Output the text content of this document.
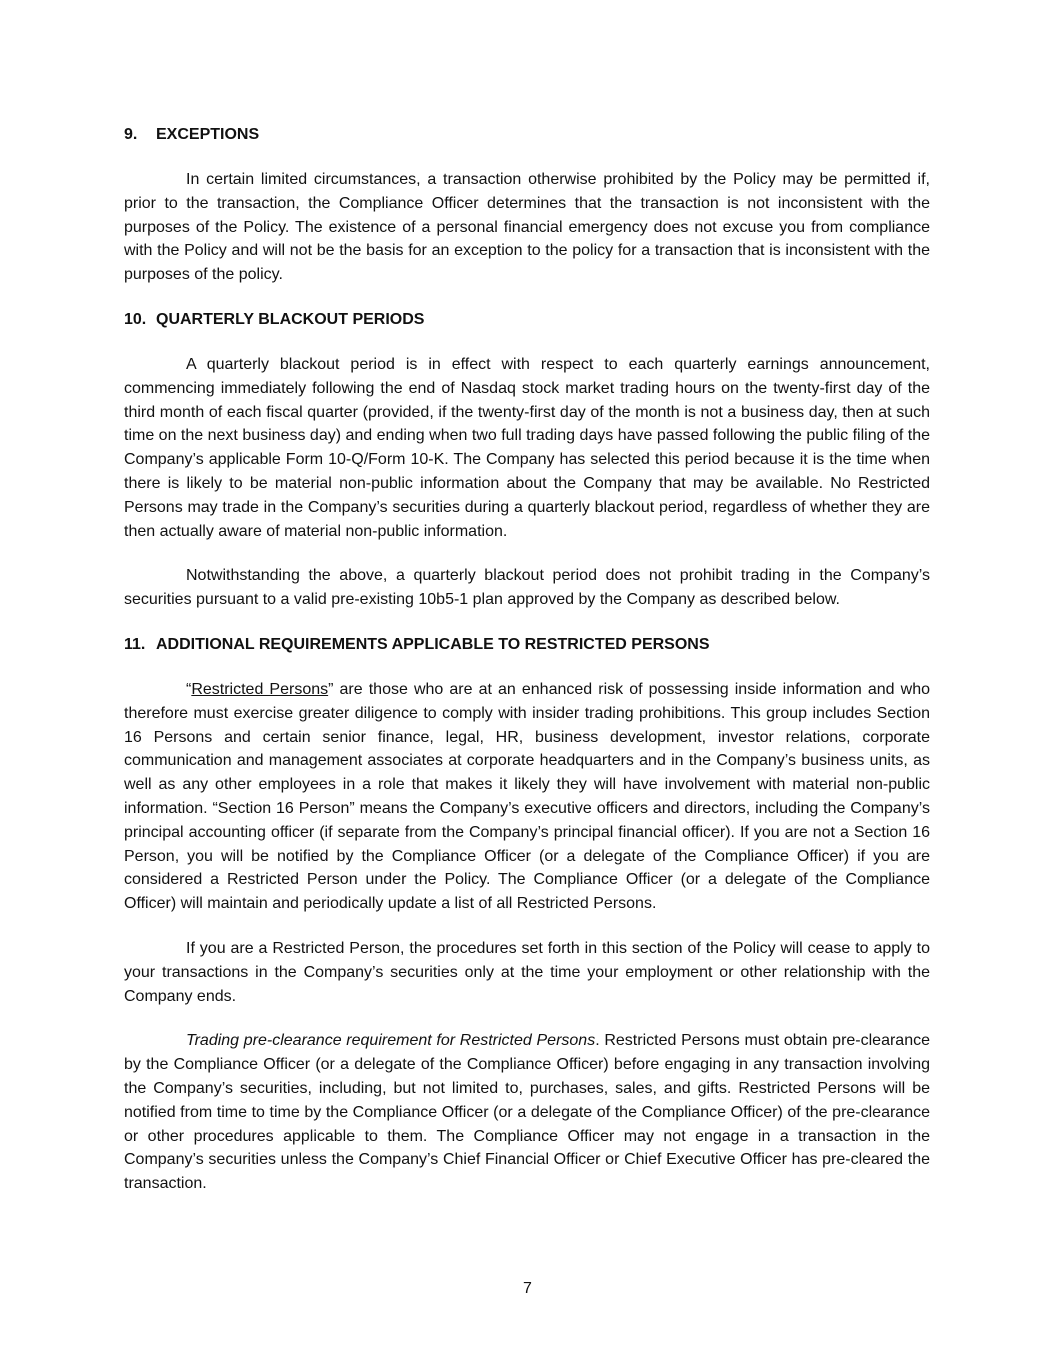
9. EXCEPTIONS

In certain limited circumstances, a transaction otherwise prohibited by the Policy may be permitted if, prior to the transaction, the Compliance Officer determines that the transaction is not inconsistent with the purposes of the Policy. The existence of a personal financial emergency does not excuse you from compliance with the Policy and will not be the basis for an exception to the policy for a transaction that is inconsistent with the purposes of the policy.

10. QUARTERLY BLACKOUT PERIODS

A quarterly blackout period is in effect with respect to each quarterly earnings announcement, commencing immediately following the end of Nasdaq stock market trading hours on the twenty-first day of the third month of each fiscal quarter (provided, if the twenty-first day of the month is not a business day, then at such time on the next business day) and ending when two full trading days have passed following the public filing of the Company’s applicable Form 10-Q/Form 10-K. The Company has selected this period because it is the time when there is likely to be material non-public information about the Company that may be available. No Restricted Persons may trade in the Company’s securities during a quarterly blackout period, regardless of whether they are then actually aware of material non-public information.

Notwithstanding the above, a quarterly blackout period does not prohibit trading in the Company’s securities pursuant to a valid pre-existing 10b5-1 plan approved by the Company as described below.

11. ADDITIONAL REQUIREMENTS APPLICABLE TO RESTRICTED PERSONS

“Restricted Persons” are those who are at an enhanced risk of possessing inside information and who therefore must exercise greater diligence to comply with insider trading prohibitions. This group includes Section 16 Persons and certain senior finance, legal, HR, business development, investor relations, corporate communication and management associates at corporate headquarters and in the Company’s business units, as well as any other employees in a role that makes it likely they will have involvement with material non-public information. “Section 16 Person” means the Company’s executive officers and directors, including the Company’s principal accounting officer (if separate from the Company’s principal financial officer). If you are not a Section 16 Person, you will be notified by the Compliance Officer (or a delegate of the Compliance Officer) if you are considered a Restricted Person under the Policy. The Compliance Officer (or a delegate of the Compliance Officer) will maintain and periodically update a list of all Restricted Persons.

If you are a Restricted Person, the procedures set forth in this section of the Policy will cease to apply to your transactions in the Company’s securities only at the time your employment or other relationship with the Company ends.

Trading pre-clearance requirement for Restricted Persons. Restricted Persons must obtain pre-clearance by the Compliance Officer (or a delegate of the Compliance Officer) before engaging in any transaction involving the Company’s securities, including, but not limited to, purchases, sales, and gifts. Restricted Persons will be notified from time to time by the Compliance Officer (or a delegate of the Compliance Officer) of the pre-clearance or other procedures applicable to them. The Compliance Officer may not engage in a transaction in the Company’s securities unless the Company’s Chief Financial Officer or Chief Executive Officer has pre-cleared the transaction.

7
